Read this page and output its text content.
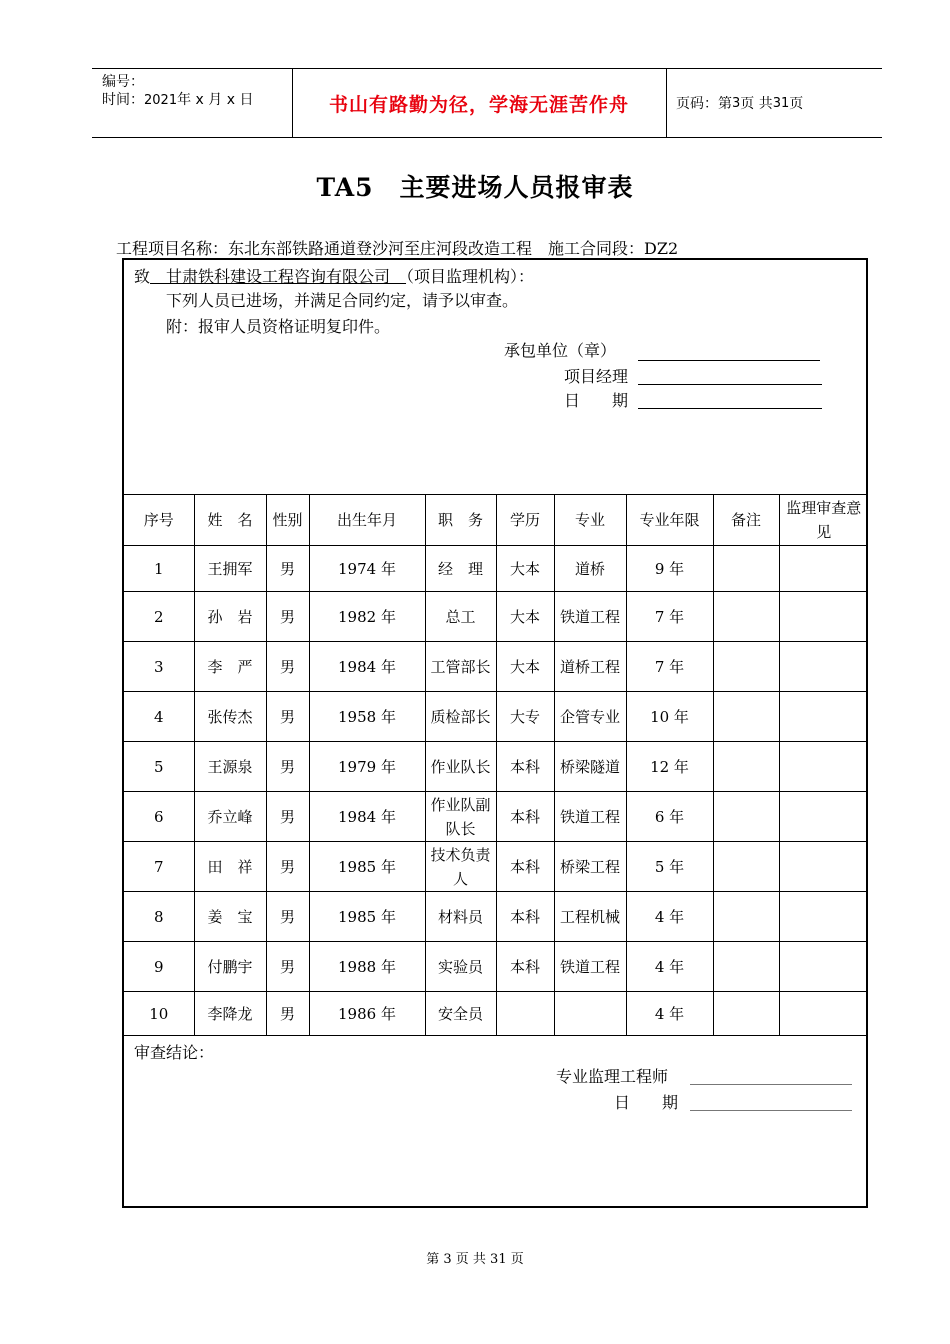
编号：
时间：2021年 x 月 x 日	书山有路勤为径，学海无涯苦作舟	页码：第 3 页 共 31 页
TA5　主要进场人员报审表
工程项目名称：东北东部铁路通道登沙河至庄河段改造工程　施工合同段：DZ2
致　甘肃铁科建设工程咨询有限公司　（项目监理机构）：
下列人员已进场，并满足合同约定，请予以审查。
附：报审人员资格证明复印件。
承包单位（章）
项目经理
日　　期
序号	姓　名	性别	出生年月	职　务	学历	专业	专业年限	备注	监理审查意见
1	王拥军	男	1974 年	经　理	大本	道桥	9 年		
2	孙　岩	男	1982 年	总工	大本	铁道工程	7 年		
3	李　严	男	1984 年	工管部长	大本	道桥工程	7 年		
4	张传杰	男	1958 年	质检部长	大专	企管专业	10 年		
5	王源泉	男	1979 年	作业队长	本科	桥梁隧道	12 年		
6	乔立峰	男	1984 年	作业队副队长	本科	铁道工程	6 年		
7	田　祥	男	1985 年	技术负责人	本科	桥梁工程	5 年		
8	姜　宝	男	1985 年	材料员	本科	工程机械	4 年		
9	付鹏宇	男	1988 年	实验员	本科	铁道工程	4 年		
10	李降龙	男	1986 年	安全员			4 年		
审查结论：
专业监理工程师
日　　期
第 3 页 共 31 页
